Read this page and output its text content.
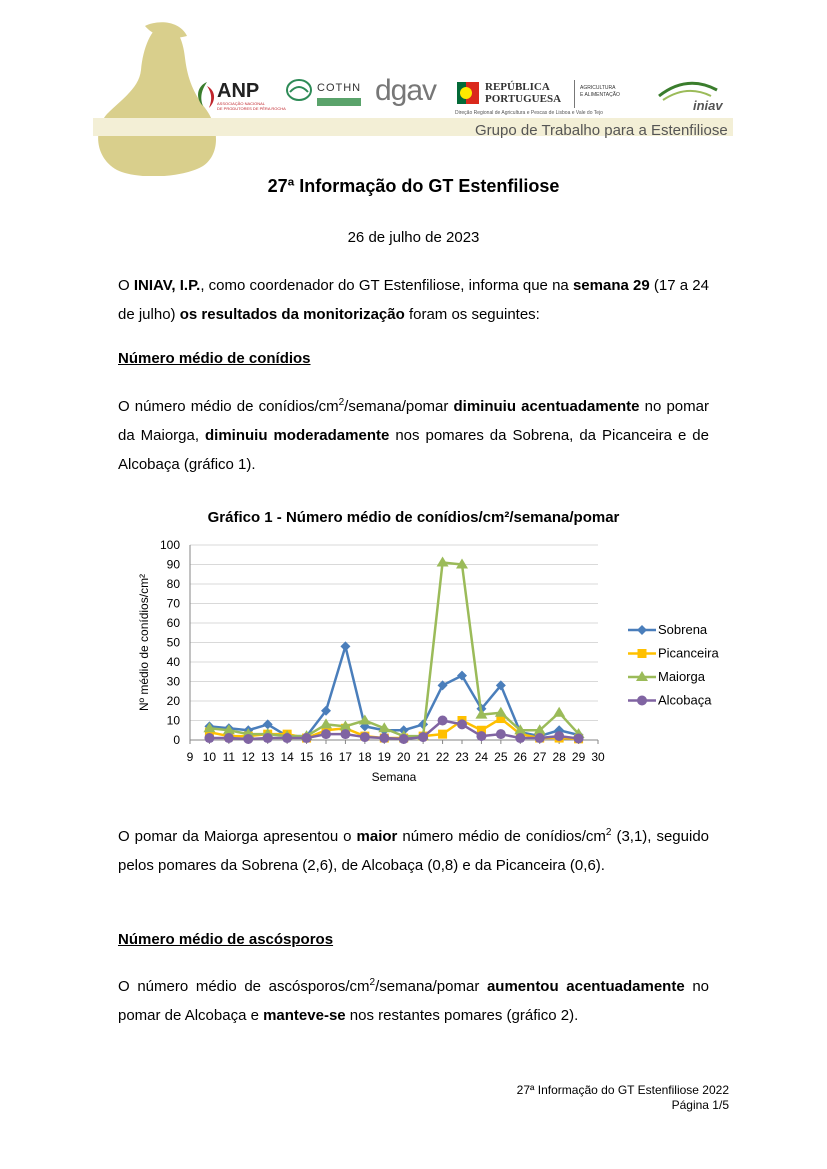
ANP
ASSOCIAÇÃO NACIONAL
DE PRODUTORES DE PÊRA ROCHA
COTHN dgav	REPÚBLICA
PORTUGUESA
AGRICULTURA
E ALIMENTAÇÃO
Direção Regional de Agricultura e Pescas de Lisboa e Vale do Tejo	iniav
Grupo de Trabalho para a Estenfiliose
27ª Informação do GT Estenfiliose
26 de julho de 2023

O INIAV, I.P., como coordenador do GT Estenfiliose, informa que na semana 29 (17 a 24 de julho) os resultados da monitorização foram os seguintes:

Número médio de conídios

O número médio de conídios/$cm^2/semana$/pomar diminuiu acentuadamente no pomar da Maiorga, diminuiu moderadamente nos pomares da Sobrena, da Picanceira e de Alcobaça (gráfico 1).

Gráfico 1 - Número médio de conídios/cm²/semana/pomar
0
10
20
30
40
50
60
70
80
90
100
9 10 11 12 13 14 15 16 17 18 19 20 21 22 23 24 25 26 27 28 29 30
Semana
Nº médio de conídios/cm²	Sobrena
Picanceira
Maiorga
Alcobaça

O pomar da Maiorga apresentou o maior número médio de conídios/$cm^2$ (3,1), seguido pelos pomares da Sobrena (2,6), de Alcobaça (0,8) e da Picanceira (0,6).

Número médio de ascósporos

O número médio de ascósporos/$cm^2/semana$/pomar aumentou acentuadamente no pomar de Alcobaça e manteve-se nos restantes pomares (gráfico 2).

27ª Informação do GT Estenfiliose 2022
Página 1/5
